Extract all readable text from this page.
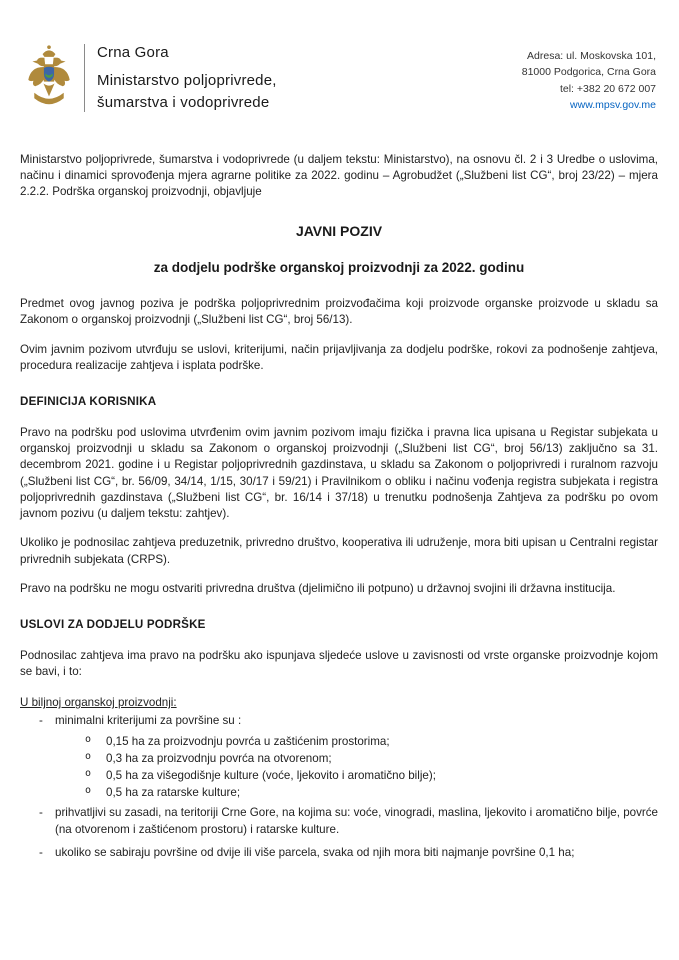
Crna Gora
Ministarstvo poljoprivrede,
šumarstva i vodoprivrede
Adresa: ul. Moskovska 101,
81000 Podgorica, Crna Gora
tel: +382 20 672 007
www.mpsv.gov.me

Ministarstvo poljoprivrede, šumarstva i vodoprivrede (u daljem tekstu: Ministarstvo), na osnovu čl. 2 i 3 Uredbe o uslovima, načinu i dinamici sprovođenja mjera agrarne politike za 2022. godinu – Agrobudžet („Službeni list CG“, broj 23/22) – mjera 2.2.2. Podrška organskoj proizvodnji, objavljuje

JAVNI POZIV
za dodjelu podrške organskoj proizvodnji za 2022. godinu

Predmet ovog javnog poziva je podrška poljoprivrednim proizvođačima koji proizvode organske proizvode u skladu sa Zakonom o organskoj proizvodnji („Službeni list CG“, broj 56/13).

Ovim javnim pozivom utvrđuju se uslovi, kriterijumi, način prijavljivanja za dodjelu podrške, rokovi za podnošenje zahtjeva, procedura realizacije zahtjeva i isplata podrške.

DEFINICIJA KORISNIKA

Pravo na podršku pod uslovima utvrđenim ovim javnim pozivom imaju fizička i pravna lica upisana u Registar subjekata u organskoj proizvodnji u skladu sa Zakonom o organskoj proizvodnji („Službeni list CG“, broj 56/13) zaključno sa 31. decembrom 2021. godine i u Registar poljoprivrednih gazdinstava, u skladu sa Zakonom o poljoprivredi i ruralnom razvoju („Službeni list CG“, br. 56/09, 34/14, 1/15, 30/17 i 59/21) i Pravilnikom o obliku i načinu vođenja registra subjekata i registra poljoprivrednih gazdinstava („Službeni list CG“, br. 16/14 i 37/18) u trenutku podnošenja Zahtjeva za podršku po ovom javnom pozivu (u daljem tekstu: zahtjev).

Ukoliko je podnosilac zahtjeva preduzetnik, privredno društvo, kooperativa ili udruženje, mora biti upisan u Centralni registar privrednih subjekata (CRPS).

Pravo na podršku ne mogu ostvariti privredna društva (djelimično ili potpuno) u državnoj svojini ili državna institucija.

USLOVI ZA DODJELU PODRŠKE

Podnosilac zahtjeva ima pravo na podršku ako ispunjava sljedeće uslove u zavisnosti od vrste organske proizvodnje kojom se bavi, i to:

U biljnoj organskoj proizvodnji:

-	minimalni kriterijumi za površine su :
o	0,15 ha za proizvodnju povrća u zaštićenim prostorima;
o	0,3 ha za proizvodnju povrća na otvorenom;
o	0,5 ha za višegodišnje kulture (voće, ljekovito i aromatično bilje);
o	0,5 ha za ratarske kulture;
-	prihvatljivi su zasadi, na teritoriji Crne Gore, na kojima su: voće, vinogradi, maslina, ljekovito i aromatično bilje, povrće (na otvorenom i zaštićenom prostoru) i ratarske kulture.
-	ukoliko se sabiraju površine od dvije ili više parcela, svaka od njih mora biti najmanje površine 0,1 ha;
